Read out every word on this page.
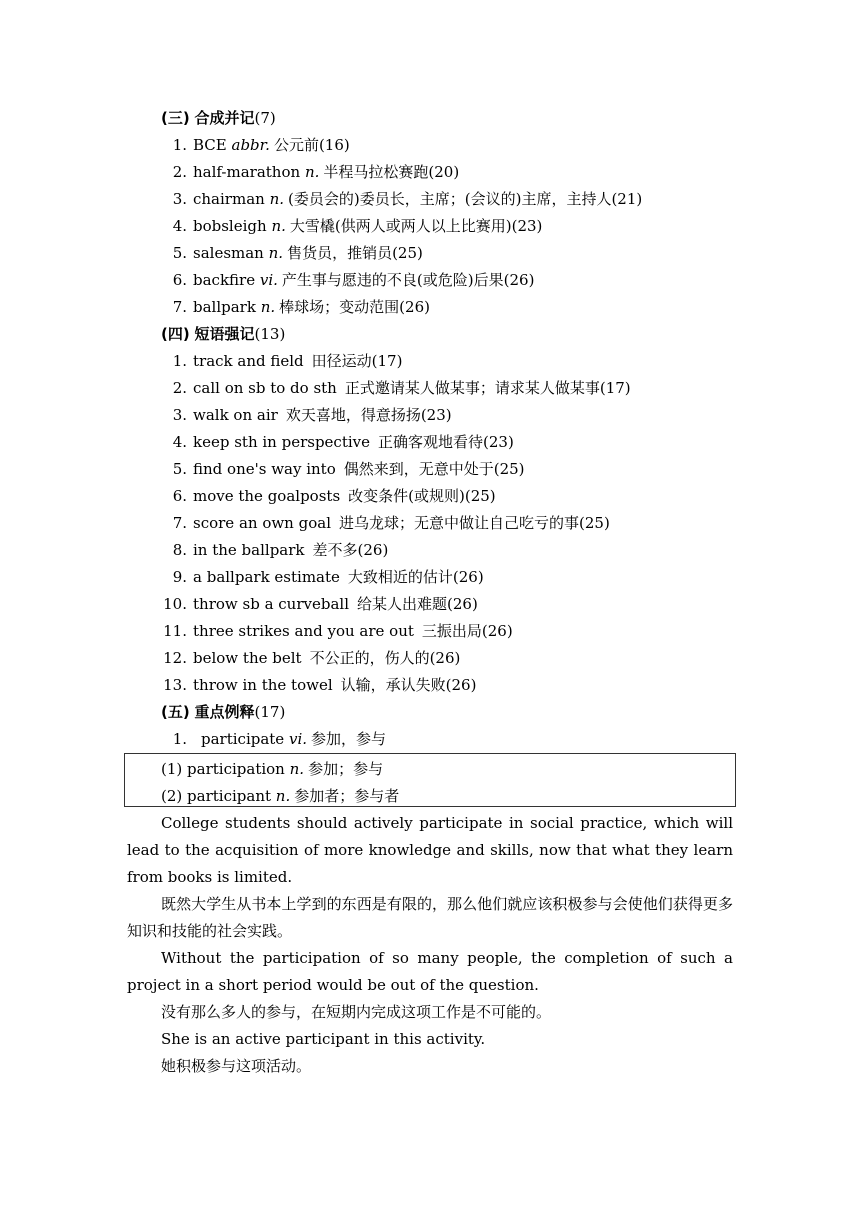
(三) 合成并记(7)
1. BCE abbr. 公元前(16)
2. half-marathon n. 半程马拉松赛跑(20)
3. chairman n. (委员会的)委员长，主席；(会议的)主席，主持人(21)
4. bobsleigh n. 大雪橇(供两人或两人以上比赛用)(23)
5. salesman n. 售货员，推销员(25)
6. backfire vi. 产生事与愿违的不良(或危险)后果(26)
7. ballpark n. 棒球场；变动范围(26)
(四) 短语强记(13)
1. track and field 田径运动(17)
2. call on sb to do sth 正式邀请某人做某事；请求某人做某事(17)
3. walk on air 欢天喜地，得意扬扬(23)
4. keep sth in perspective 正确客观地看待(23)
5. find one's way into 偶然来到，无意中处于(25)
6. move the goalposts 改变条件(或规则)(25)
7. score an own goal 进乌龙球；无意中做让自己吃亏的事(25)
8. in the ballpark 差不多(26)
9. a ballpark estimate 大致相近的估计(26)
10. throw sb a curveball 给某人出难题(26)
11. three strikes and you are out 三振出局(26)
12. below the belt 不公正的，伤人的(26)
13. throw in the towel 认输，承认失败(26)
(五) 重点例释(17)
1. participate vi. 参加，参与
(1) participation n. 参加；参与
(2) participant n. 参加者；参与者
College students should actively participate in social practice, which will lead to the acquisition of more knowledge and skills, now that what they learn from books is limited.
既然大学生从书本上学到的东西是有限的，那么他们就应该积极参与会使他们获得更多知识和技能的社会实践。
Without the participation of so many people, the completion of such a project in a short period would be out of the question.
没有那么多人的参与，在短期内完成这项工作是不可能的。
She is an active participant in this activity.
她积极参与这项活动。
